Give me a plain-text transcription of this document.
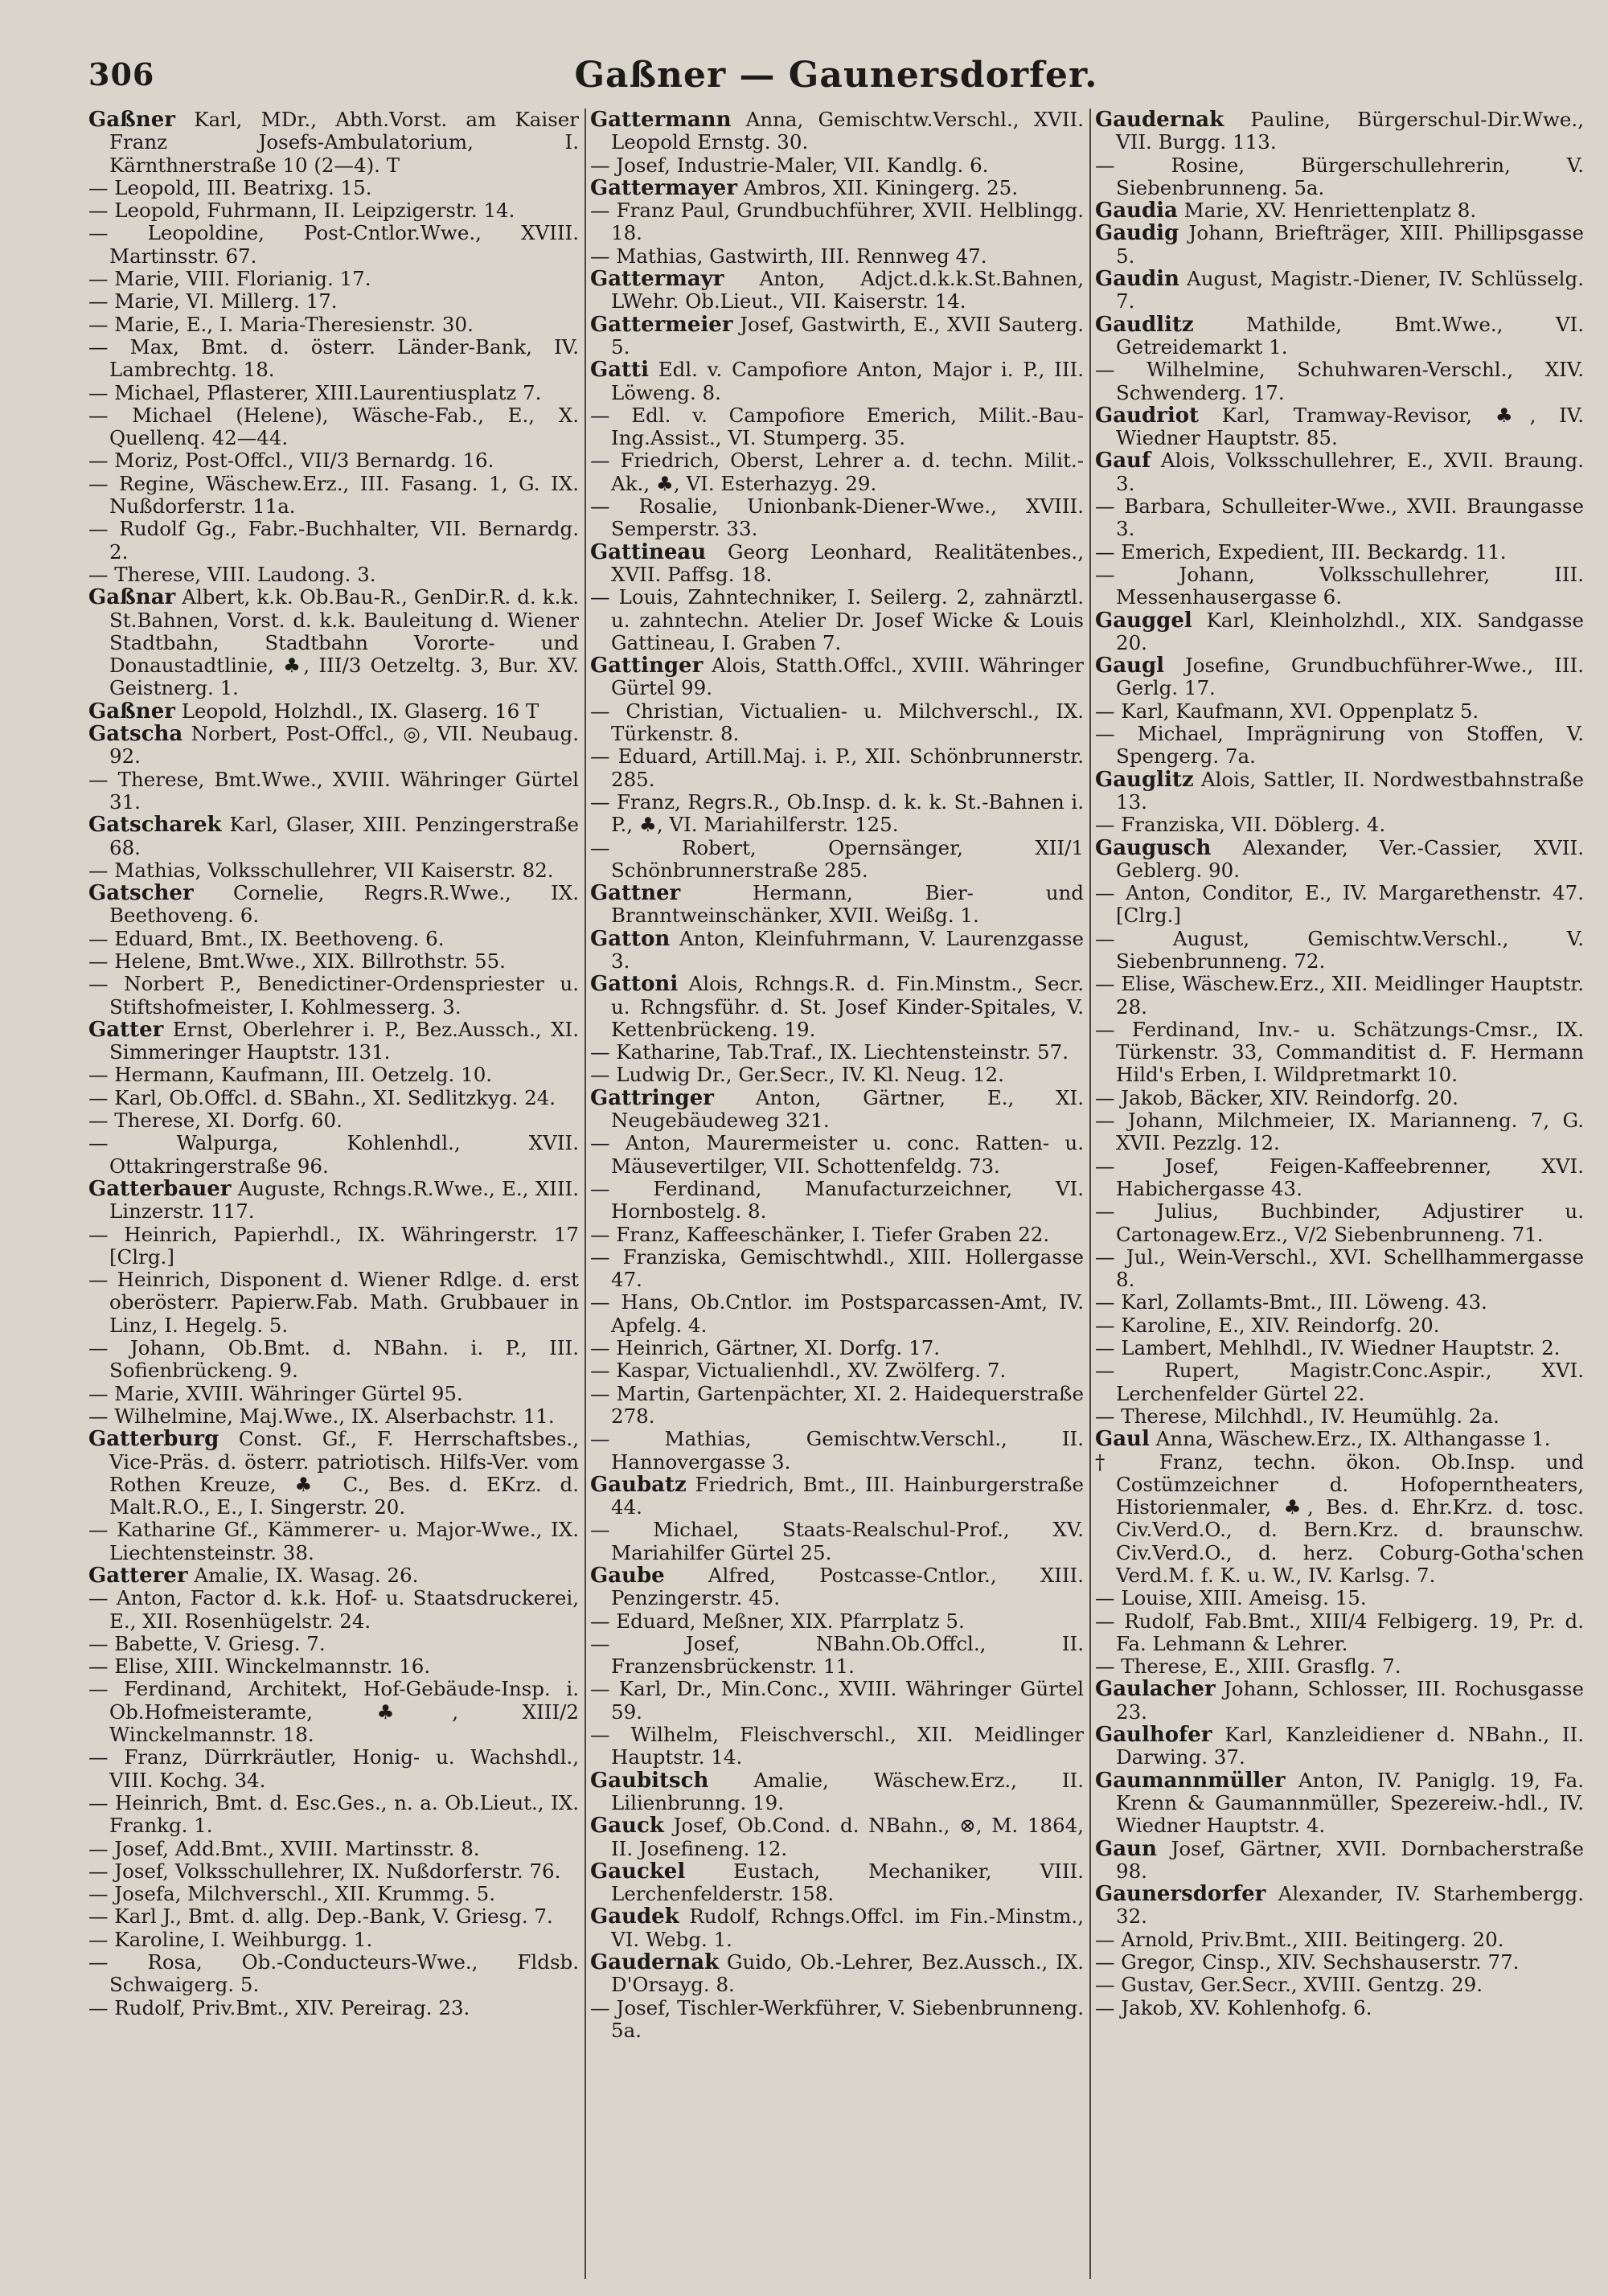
306	Gaßner — Gaunersdorfer.

Gaßner Karl, MDr., Abth.Vorst. am Kaiser Franz Josefs-Ambulatorium, I. Kärnthnerstraße 10 (2—4). T

— Leopold, III. Beatrixg. 15.

— Leopold, Fuhrmann, II. Leipzigerstr. 14.

— Leopoldine, Post-Cntlor.Wwe., XVIII. Martinsstr. 67.

— Marie, VIII. Florianig. 17.

— Marie, VI. Millerg. 17.

— Marie, E., I. Maria-Theresienstr. 30.

— Max, Bmt. d. österr. Länder-Bank, IV. Lambrechtg. 18.

— Michael, Pflasterer, XIII.Laurentiusplatz 7.

— Michael (Helene), Wäsche-Fab., E., X. Quellenq. 42—44.

— Moriz, Post-Offcl., VII/3 Bernardg. 16.

— Regine, Wäschew.Erz., III. Fasang. 1, G. IX. Nußdorferstr. 11a.

— Rudolf Gg., Fabr.-Buchhalter, VII. Bernardg. 2.

— Therese, VIII. Laudong. 3.

Gaßnar Albert, k.k. Ob.Bau-R., GenDir.R. d. k.k. St.Bahnen, Vorst. d. k.k. Bauleitung d. Wiener Stadtbahn, Stadtbahn Vororte- und Donaustadtlinie, ♣, III/3 Oetzeltg. 3, Bur. XV. Geistnerg. 1.

Gaßner Leopold, Holzhdl., IX. Glaserg. 16 T

Gatscha Norbert, Post-Offcl., ◎, VII. Neubaug. 92.

— Therese, Bmt.Wwe., XVIII. Währinger Gürtel 31.

Gatscharek Karl, Glaser, XIII. Penzingerstraße 68.

— Mathias, Volksschullehrer, VII Kaiserstr. 82.

Gatscher Cornelie, Regrs.R.Wwe., IX. Beethoveng. 6.

— Eduard, Bmt., IX. Beethoveng. 6.

— Helene, Bmt.Wwe., XIX. Billrothstr. 55.

— Norbert P., Benedictiner-Ordenspriester u. Stiftshofmeister, I. Kohlmesserg. 3.

Gatter Ernst, Oberlehrer i. P., Bez.Aussch., XI. Simmeringer Hauptstr. 131.

— Hermann, Kaufmann, III. Oetzelg. 10.

— Karl, Ob.Offcl. d. SBahn., XI. Sedlitzkyg. 24.

— Therese, XI. Dorfg. 60.

— Walpurga, Kohlenhdl., XVII. Ottakringerstraße 96.

Gatterbauer Auguste, Rchngs.R.Wwe., E., XIII. Linzerstr. 117.

— Heinrich, Papierhdl., IX. Währingerstr. 17 [Clrg.]

— Heinrich, Disponent d. Wiener Rdlge. d. erst oberösterr. Papierw.Fab. Math. Grubbauer in Linz, I. Hegelg. 5.

— Johann, Ob.Bmt. d. NBahn. i. P., III. Sofienbrückeng. 9.

— Marie, XVIII. Währinger Gürtel 95.

— Wilhelmine, Maj.Wwe., IX. Alserbachstr. 11.

Gatterburg Const. Gf., F. Herrschaftsbes., Vice-Präs. d. österr. patriotisch. Hilfs-Ver. vom Rothen Kreuze, ♣ C., Bes. d. EKrz. d. Malt.R.O., E., I. Singerstr. 20.

— Katharine Gf., Kämmerer- u. Major-Wwe., IX. Liechtensteinstr. 38.

Gatterer Amalie, IX. Wasag. 26.

— Anton, Factor d. k.k. Hof- u. Staatsdruckerei, E., XII. Rosenhügelstr. 24.

— Babette, V. Griesg. 7.

— Elise, XIII. Winckelmannstr. 16.

— Ferdinand, Architekt, Hof-Gebäude-Insp. i. Ob.Hofmeisteramte, ♣, XIII/2 Winckelmannstr. 18.

— Franz, Dürrkräutler, Honig- u. Wachshdl., VIII. Kochg. 34.

— Heinrich, Bmt. d. Esc.Ges., n. a. Ob.Lieut., IX. Frankg. 1.

— Josef, Add.Bmt., XVIII. Martinsstr. 8.

— Josef, Volksschullehrer, IX. Nußdorferstr. 76.

— Josefa, Milchverschl., XII. Krummg. 5.

— Karl J., Bmt. d. allg. Dep.-Bank, V. Griesg. 7.

— Karoline, I. Weihburgg. 1.

— Rosa, Ob.-Conducteurs-Wwe., Fldsb. Schwaigerg. 5.

— Rudolf, Priv.Bmt., XIV. Pereirag. 23.

Gattermann Anna, Gemischtw.Verschl., XVII. Leopold Ernstg. 30.

— Josef, Industrie-Maler, VII. Kandlg. 6.

Gattermayer Ambros, XII. Kiningerg. 25.

— Franz Paul, Grundbuchführer, XVII. Helblingg. 18.

— Mathias, Gastwirth, III. Rennweg 47.

Gattermayr Anton, Adjct.d.k.k.St.Bahnen, LWehr. Ob.Lieut., VII. Kaiserstr. 14.

Gattermeier Josef, Gastwirth, E., XVII Sauterg. 5.

Gatti Edl. v. Campofiore Anton, Major i. P., III. Löweng. 8.

— Edl. v. Campofiore Emerich, Milit.-Bau-Ing.Assist., VI. Stumperg. 35.

— Friedrich, Oberst, Lehrer a. d. techn. Milit.-Ak., ♣, VI. Esterhazyg. 29.

— Rosalie, Unionbank-Diener-Wwe., XVIII. Semperstr. 33.

Gattineau Georg Leonhard, Realitätenbes., XVII. Paffsg. 18.

— Louis, Zahntechniker, I. Seilerg. 2, zahnärztl. u. zahntechn. Atelier Dr. Josef Wicke & Louis Gattineau, I. Graben 7.

Gattinger Alois, Statth.Offcl., XVIII. Währinger Gürtel 99.

— Christian, Victualien- u. Milchverschl., IX. Türkenstr. 8.

— Eduard, Artill.Maj. i. P., XII. Schönbrunnerstr. 285.

— Franz, Regrs.R., Ob.Insp. d. k. k. St.-Bahnen i. P., ♣, VI. Mariahilferstr. 125.

— Robert, Opernsänger, XII/1 Schönbrunnerstraße 285.

Gattner	Hermann, Bier- und Branntweinschänker, XVII. Weißg. 1.

Gatton Anton, Kleinfuhrmann, V. Laurenzgasse 3.

Gattoni Alois, Rchngs.R. d. Fin.Minstm., Secr. u. Rchngsführ. d. St. Josef Kinder-Spitales, V. Kettenbrückeng. 19.

— Katharine, Tab.Traf., IX. Liechtensteinstr. 57.

— Ludwig Dr., Ger.Secr., IV. Kl. Neug. 12.

Gattringer Anton, Gärtner, E., XI. Neugebäudeweg 321.

— Anton, Maurermeister u. conc. Ratten- u. Mäusevertilger, VII. Schottenfeldg. 73.

— Ferdinand, Manufacturzeichner, VI. Hornbostelg. 8.

— Franz, Kaffeeschänker, I. Tiefer Graben 22.

— Franziska, Gemischtwhdl., XIII. Hollergasse 47.

— Hans, Ob.Cntlor. im Postsparcassen-Amt, IV. Apfelg. 4.

— Heinrich, Gärtner, XI. Dorfg. 17.

— Kaspar, Victualienhdl., XV. Zwölferg. 7.

— Martin, Gartenpächter, XI. 2. Haidequerstraße 278.

— Mathias, Gemischtw.Verschl., II. Hannovergasse 3.

Gaubatz Friedrich, Bmt., III. Hainburgerstraße 44.

— Michael, Staats-Realschul-Prof., XV. Mariahilfer Gürtel 25.

Gaube Alfred, Postcasse-Cntlor., XIII. Penzingerstr. 45.

— Eduard, Meßner, XIX. Pfarrplatz 5.

— Josef, NBahn.Ob.Offcl., II. Franzensbrückenstr. 11.

— Karl, Dr., Min.Conc., XVIII. Währinger Gürtel 59.

— Wilhelm, Fleischverschl., XII. Meidlinger Hauptstr. 14.

Gaubitsch Amalie, Wäschew.Erz., II. Lilienbrunng. 19.

Gauck Josef, Ob.Cond. d. NBahn., ⊗, M. 1864, II. Josefineng. 12.

Gauckel Eustach, Mechaniker, VIII. Lerchenfelderstr. 158.

Gaudek Rudolf, Rchngs.Offcl. im Fin.-Minstm., VI. Webg. 1.

Gaudernak Guido, Ob.-Lehrer, Bez.Aussch., IX. D'Orsayg. 8.

— Josef, Tischler-Werkführer, V. Siebenbrunneng. 5a.

Gaudernak Pauline, Bürgerschul-Dir.Wwe., VII. Burgg. 113.

— Rosine, Bürgerschullehrerin, V. Siebenbrunneng. 5a.

Gaudia Marie, XV. Henriettenplatz 8.

Gaudig Johann, Briefträger, XIII. Phillipsgasse 5.

Gaudin August, Magistr.-Diener, IV. Schlüsselg. 7.

Gaudlitz	Mathilde, Bmt.Wwe., VI. Getreidemarkt 1.

— Wilhelmine, Schuhwaren-Verschl., XIV. Schwenderg. 17.

Gaudriot Karl, Tramway-Revisor, ♣, IV. Wiedner Hauptstr. 85.

Gauf Alois, Volksschullehrer, E., XVII. Braung. 3.

— Barbara, Schulleiter-Wwe., XVII. Braungasse 3.

— Emerich, Expedient, III. Beckardg. 11.

— Johann, Volksschullehrer, III. Messenhausergasse 6.

Gauggel Karl, Kleinholzhdl., XIX. Sandgasse 20.

Gaugl Josefine, Grundbuchführer-Wwe., III. Gerlg. 17.

— Karl, Kaufmann, XVI. Oppenplatz 5.

— Michael, Imprägnirung von Stoffen, V. Spengerg. 7a.

Gauglitz Alois, Sattler, II. Nordwestbahnstraße 13.

— Franziska, VII. Döblerg. 4.

Gaugusch Alexander, Ver.-Cassier, XVII. Geblerg. 90.

— Anton, Conditor, E., IV. Margarethenstr. 47. [Clrg.]

— August, Gemischtw.Verschl., V. Siebenbrunneng. 72.

— Elise, Wäschew.Erz., XII. Meidlinger Hauptstr. 28.

— Ferdinand, Inv.- u. Schätzungs-Cmsr., IX. Türkenstr. 33, Commanditist d. F. Hermann Hild's Erben, I. Wildpretmarkt 10.

— Jakob, Bäcker, XIV. Reindorfg. 20.

— Johann, Milchmeier, IX. Marianneng. 7, G. XVII. Pezzlg. 12.

— Josef, Feigen-Kaffeebrenner, XVI. Habichergasse 43.

— Julius, Buchbinder, Adjustirer u. Cartonagew.Erz., V/2 Siebenbrunneng. 71.

— Jul., Wein-Verschl., XVI. Schellhammergasse 8.

— Karl, Zollamts-Bmt., III. Löweng. 43.

— Karoline, E., XIV. Reindorfg. 20.

— Lambert, Mehlhdl., IV. Wiedner Hauptstr. 2.

— Rupert, Magistr.Conc.Aspir., XVI. Lerchenfelder Gürtel 22.

— Therese, Milchhdl., IV. Heumühlg. 2a.

Gaul Anna, Wäschew.Erz., IX. Althangasse 1.

† Franz, techn. ökon. Ob.Insp. und Costümzeichner d. Hofoperntheaters, Historienmaler, ♣, Bes. d. Ehr.Krz. d. tosc. Civ.Verd.O., d. Bern.Krz. d. braunschw. Civ.Verd.O., d. herz. Coburg-Gotha'schen Verd.M. f. K. u. W., IV. Karlsg. 7.

— Louise, XIII. Ameisg. 15.

— Rudolf, Fab.Bmt., XIII/4 Felbigerg. 19, Pr. d. Fa. Lehmann & Lehrer.

— Therese, E., XIII. Grasflg. 7.

Gaulacher Johann, Schlosser, III. Rochusgasse 23.

Gaulhofer Karl, Kanzleidiener d. NBahn., II. Darwing. 37.

Gaumannmüller Anton, IV. Paniglg. 19, Fa. Krenn & Gaumannmüller, Spezereiw.-hdl., IV. Wiedner Hauptstr. 4.

Gaun Josef, Gärtner, XVII. Dornbacherstraße 98.

Gaunersdorfer Alexander, IV. Starhembergg. 32.

— Arnold, Priv.Bmt., XIII. Beitingerg. 20.

— Gregor, Cinsp., XIV. Sechshauserstr. 77.

— Gustav, Ger.Secr., XVIII. Gentzg. 29.

— Jakob, XV. Kohlenhofg. 6.
